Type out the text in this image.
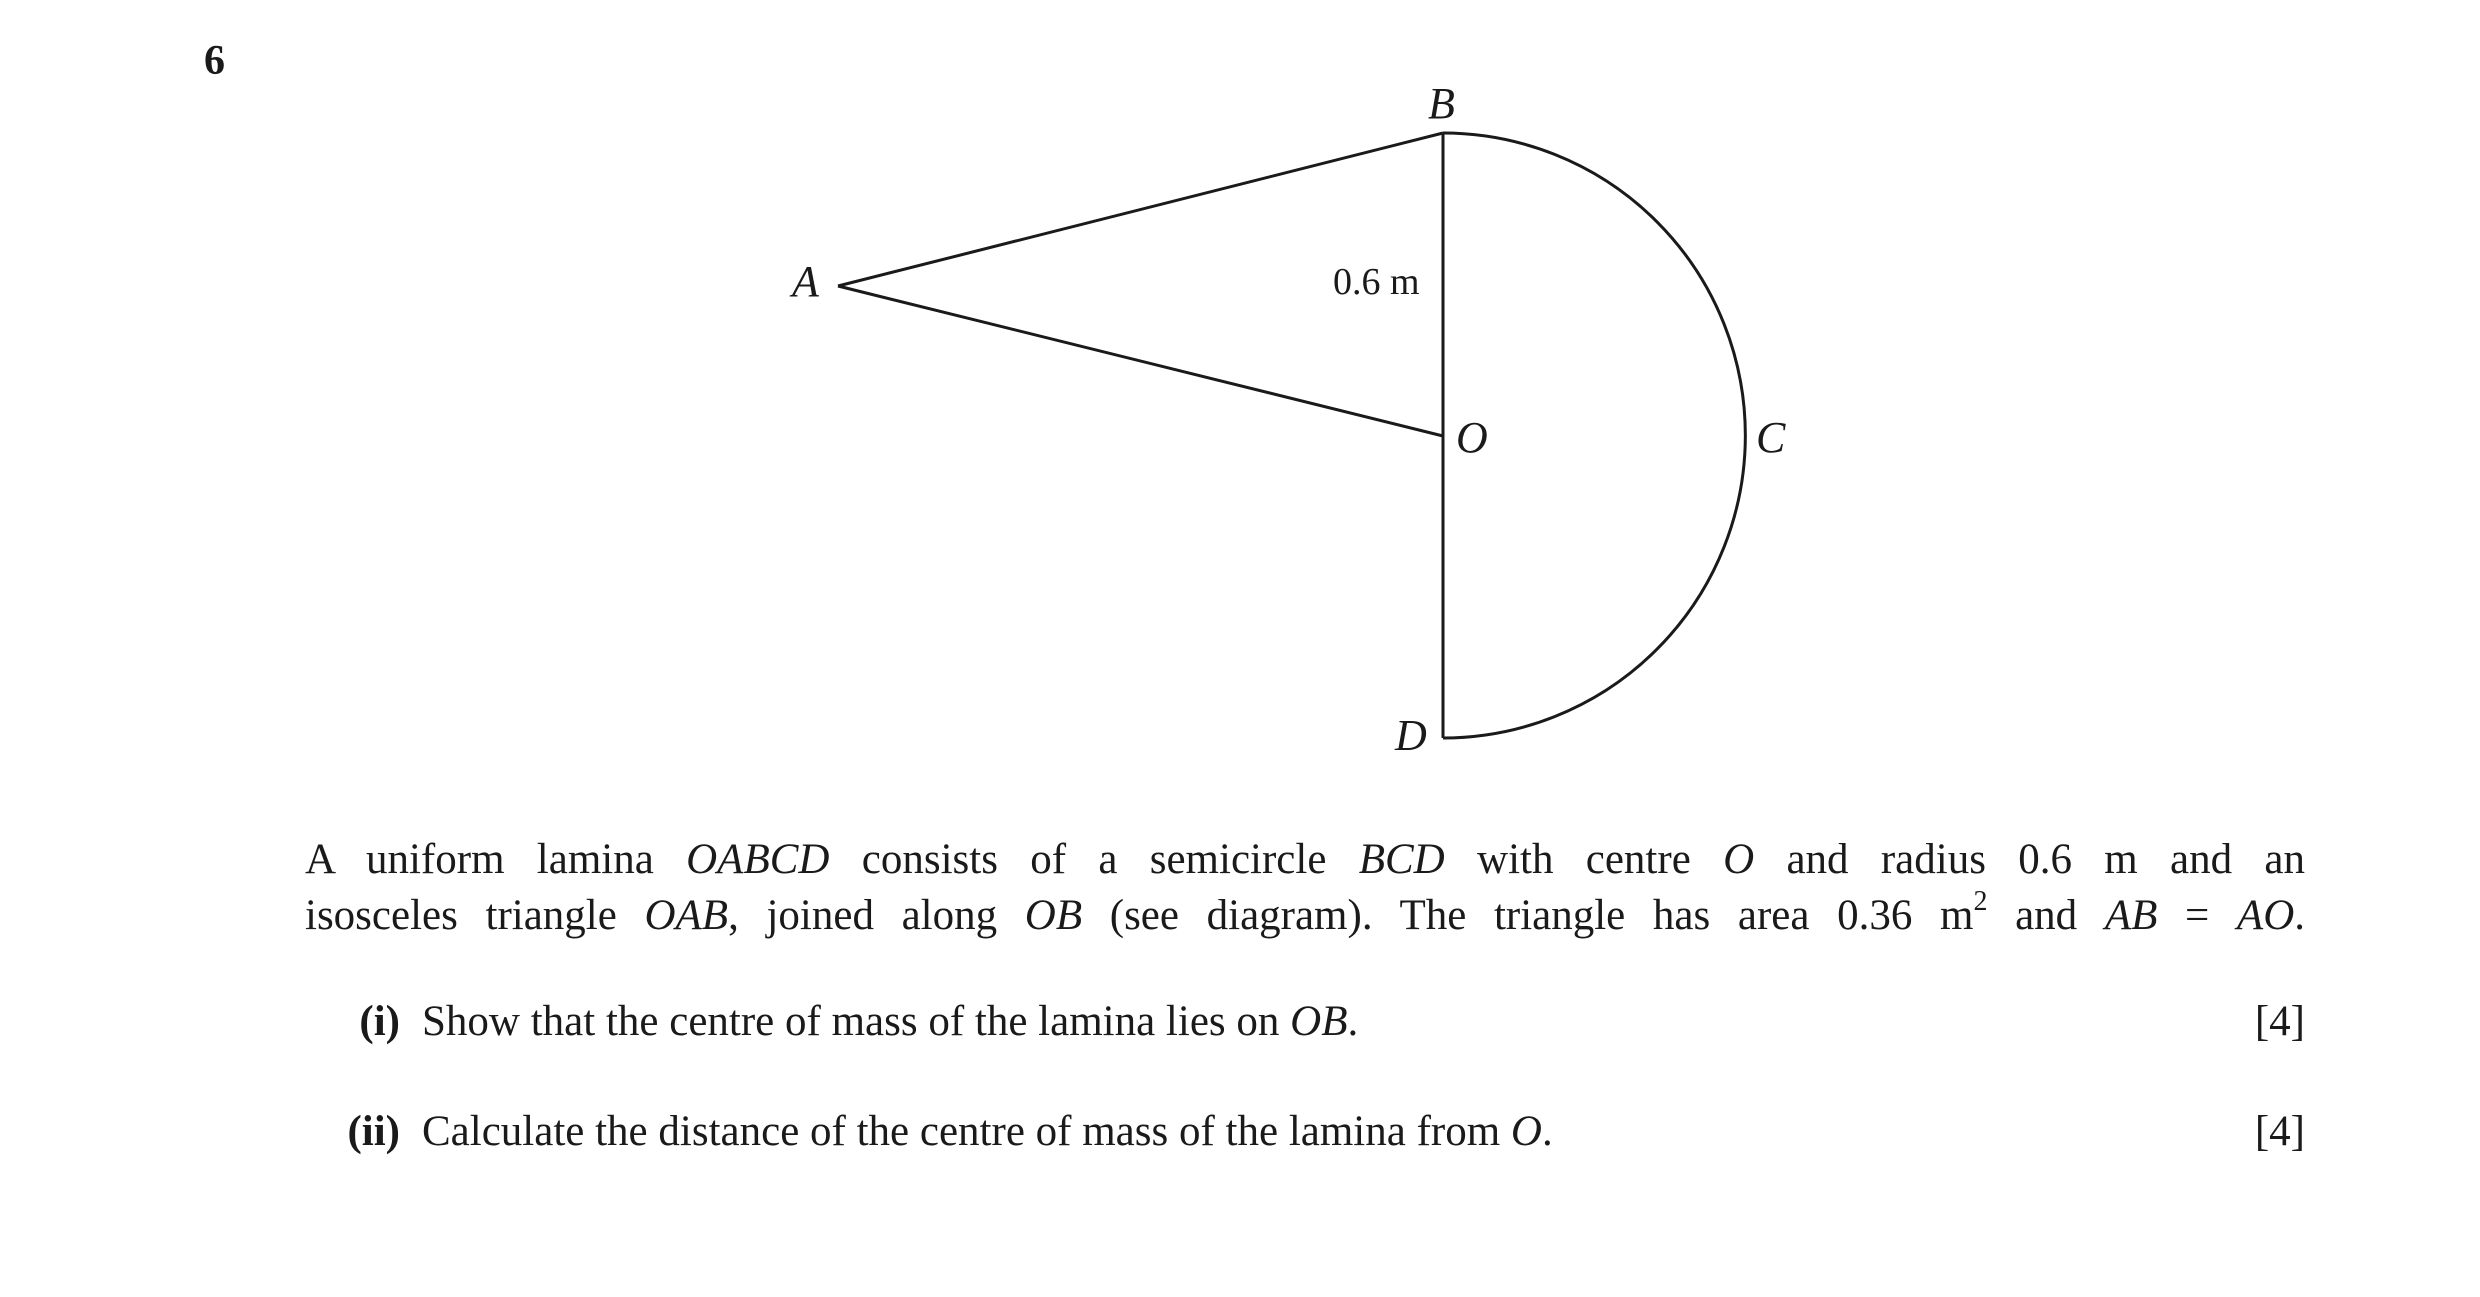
6
B
A
O	C
D
0.6 m
A uniform lamina OABCD consists of a semicircle BCD with centre O and radius 0.6 m and an
isosceles triangle OAB, joined along OB (see diagram). The triangle has area 0.36 $m^2$ and AB = AO.
(i) Show that the centre of mass of the lamina lies on OB.	[4]
(ii) Calculate the distance of the centre of mass of the lamina from O.	[4]
